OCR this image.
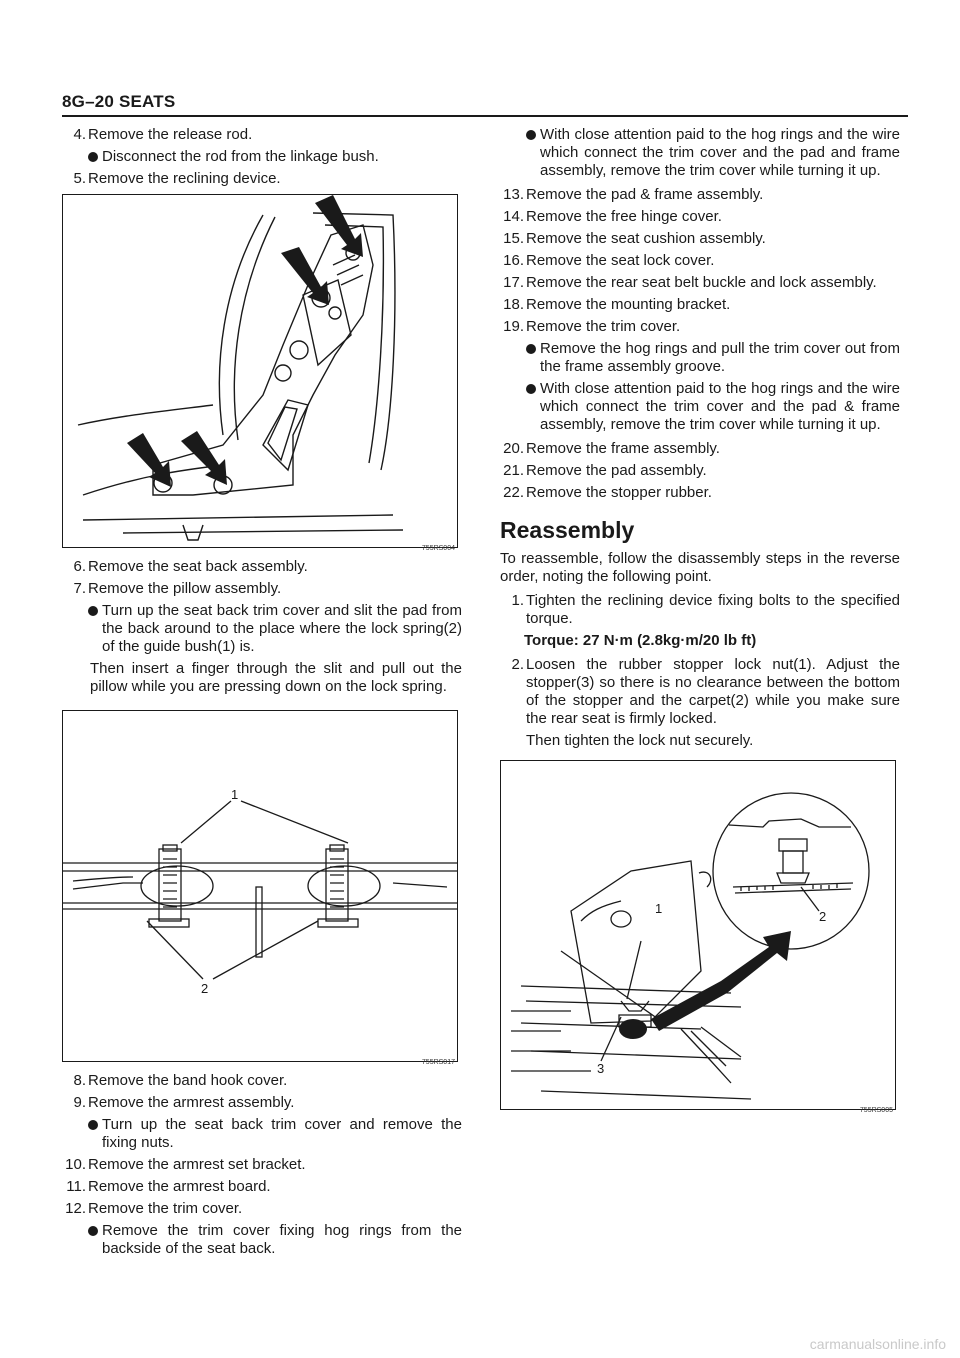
8G–20 SEATS
4. Remove the release rod.
Disconnect the rod from the linkage bush.
5. Remove the reclining device.
755RS004
6. Remove the seat back assembly.
7. Remove the pillow assembly.
Turn up the seat back trim cover and slit the pad from the back around to the place where the lock spring(2) of the guide bush(1) is.
Then insert a finger through the slit and pull out the pillow while you are pressing down on the lock spring.
1
2
755RS017
8. Remove the band hook cover.
9. Remove the armrest assembly.
Turn up the seat back trim cover and remove the fixing nuts.
10. Remove the armrest set bracket.
11. Remove the armrest board.
12. Remove the trim cover.
Remove the trim cover fixing hog rings from the backside of the seat back.
With close attention paid to the hog rings and the wire which connect the trim cover and the pad and frame assembly, remove the trim cover while turning it up.
13. Remove the pad & frame assembly.
14. Remove the free hinge cover.
15. Remove the seat cushion assembly.
16. Remove the seat lock cover.
17. Remove the rear seat belt buckle and lock assembly.
18. Remove the mounting bracket.
19. Remove the trim cover.
Remove the hog rings and pull the trim cover out from the frame assembly groove.
With close attention paid to the hog rings and the wire which connect the trim cover and the pad & frame assembly, remove the trim cover while turning it up.
20. Remove the frame assembly.
21. Remove the pad assembly.
22. Remove the stopper rubber.
Reassembly
To reassemble, follow the disassembly steps in the reverse order, noting the following point.
1. Tighten the reclining device fixing bolts to the specified torque.
Torque: 27 N·m (2.8kg·m/20 lb ft)
2. Loosen the rubber stopper lock nut(1). Adjust the stopper(3) so there is no clearance between the bottom of the stopper and the carpet(2) while you make sure the rear seat is firmly locked.
Then tighten the lock nut securely.
1
2
3
755RS005
carmanualsonline.info
